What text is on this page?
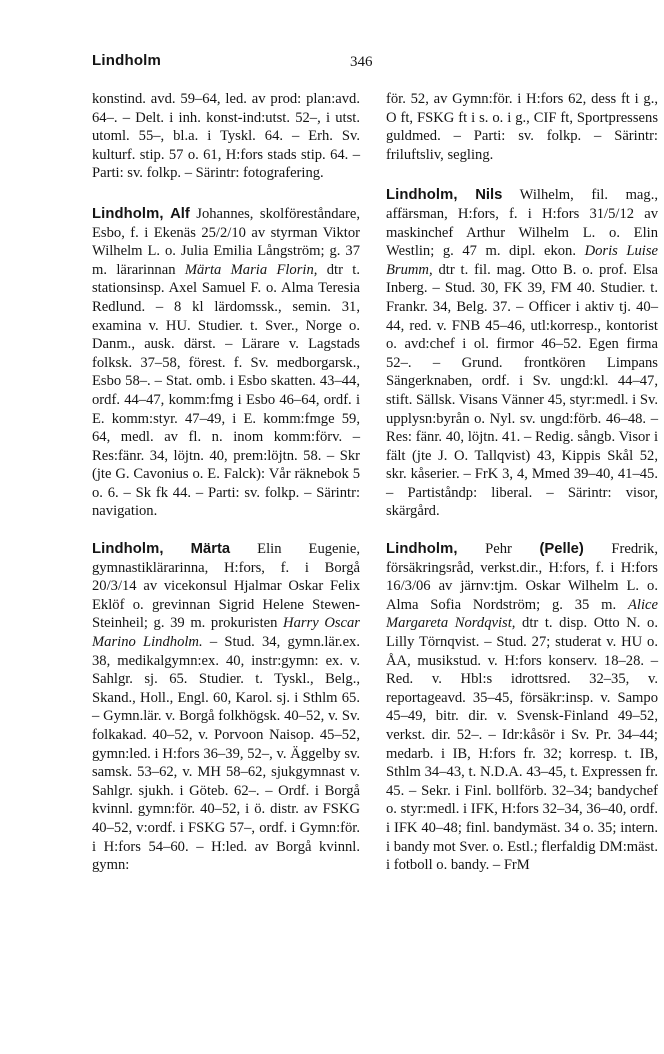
Lindholm	346

konstind. avd. 59–64, led. av prod: plan:avd. 64–. – Delt. i inh. konst-ind:utst. 52–, i utst. utoml. 55–, bl.a. i Tyskl. 64. – Erh. Sv. kulturf. stip. 57 o. 61, H:fors stads stip. 64. – Parti: sv. folkp. – Särintr: fotografering.

Lindholm, Alf Johannes, skolföreståndare, Esbo, f. i Ekenäs 25/2/10 av styrman Viktor Wilhelm L. o. Julia Emilia Långström; g. 37 m. lärarinnan Märta Maria Florin, dtr t. stationsinsp. Axel Samuel F. o. Alma Teresia Redlund. – 8 kl lärdomssk., semin. 31, examina v. HU. Studier. t. Sver., Norge o. Danm., ausk. därst. – Lärare v. Lagstads folksk. 37–58, förest. f. Sv. medborgarsk., Esbo 58–. – Stat. omb. i Esbo skatten. 43–44, ordf. 44–47, komm:fmg i Esbo 46–64, ordf. i E. komm:styr. 47–49, i E. komm:fmge 59, 64, medl. av fl. n. inom komm:förv. – Res:fänr. 34, löjtn. 40, prem:löjtn. 58. – Skr (jte G. Cavonius o. E. Falck): Vår räknebok 5 o. 6. – Sk fk 44. – Parti: sv. folkp. – Särintr: navigation.

Lindholm, Märta Elin Eugenie, gymnastiklärarinna, H:fors, f. i Borgå 20/3/14 av vicekonsul Hjalmar Oskar Felix Eklöf o. grevinnan Sigrid Helene Stewen-Steinheil; g. 39 m. prokuristen Harry Oscar Marino Lindholm. – Stud. 34, gymn.lär.ex. 38, medikalgymn:ex. 40, instr:gymn: ex. v. Sahlgr. sj. 65. Studier. t. Tyskl., Belg., Skand., Holl., Engl. 60, Karol. sj. i Sthlm 65. – Gymn.lär. v. Borgå folkhögsk. 40–52, v. Sv. folkakad. 40–52, v. Porvoon Naisop. 45–52, gymn:led. i H:fors 36–39, 52–, v. Äggelby sv. samsk. 53–62, v. MH 58–62, sjukgymnast v. Sahlgr. sjukh. i Göteb. 62–. – Ordf. i Borgå kvinnl. gymn:för. 40–52, i ö. distr. av FSKG 40–52, v:ordf. i FSKG 57–, ordf. i Gymn:för. i H:fors 54–60. – H:led. av Borgå kvinnl. gymn:

för. 52, av Gymn:för. i H:fors 62, dess ft i g., O ft, FSKG ft i s. o. i g., CIF ft, Sportpressens guldmed. – Parti: sv. folkp. – Särintr: friluftsliv, segling.

Lindholm, Nils Wilhelm, fil. mag., affärsman, H:fors, f. i H:fors 31/5/12 av maskinchef Arthur Wilhelm L. o. Elin Westlin; g. 47 m. dipl. ekon. Doris Luise Brumm, dtr t. fil. mag. Otto B. o. prof. Elsa Inberg. – Stud. 30, FK 39, FM 40. Studier. t. Frankr. 34, Belg. 37. – Officer i aktiv tj. 40–44, red. v. FNB 45–46, utl:korresp., kontorist o. avd:chef i ol. firmor 46–52. Egen firma 52–. – Grund. frontkören Limpans Sängerknaben, ordf. i Sv. ungd:kl. 44–47, stift. Sällsk. Visans Vänner 45, styr:medl. i Sv. upplysn:byrån o. Nyl. sv. ungd:förb. 46–48. – Res: fänr. 40, löjtn. 41. – Redig. sångb. Visor i fält (jte J. O. Tallqvist) 43, Kippis Skål 52, skr. kåserier. – FrK 3, 4, Mmed 39–40, 41–45. – Partiståndp: liberal. – Särintr: visor, skärgård.

Lindholm, Pehr (Pelle) Fredrik, försäkringsråd, verkst.dir., H:fors, f. i H:fors 16/3/06 av järnv:tjm. Oskar Wilhelm L. o. Alma Sofia Nordström; g. 35 m. Alice Margareta Nordqvist, dtr t. disp. Otto N. o. Lilly Törnqvist. – Stud. 27; studerat v. HU o. ÅA, musikstud. v. H:fors konserv. 18–28. – Red. v. Hbl:s idrottsred. 32–35, v. reportageavd. 35–45, försäkr:insp. v. Sampo 45–49, bitr. dir. v. Svensk-Finland 49–52, verkst. dir. 52–. – Idr:kåsör i Sv. Pr. 34–44; medarb. i IB, H:fors fr. 32; korresp. t. IB, Sthlm 34–43, t. N.D.A. 43–45, t. Expressen fr. 45. – Sekr. i Finl. bollförb. 32–34; bandychef o. styr:medl. i IFK, H:fors 32–34, 36–40, ordf. i IFK 40–48; finl. bandymäst. 34 o. 35; intern. i bandy mot Sver. o. Estl.; flerfaldig DM:mäst. i fotboll o. bandy. – FrM
